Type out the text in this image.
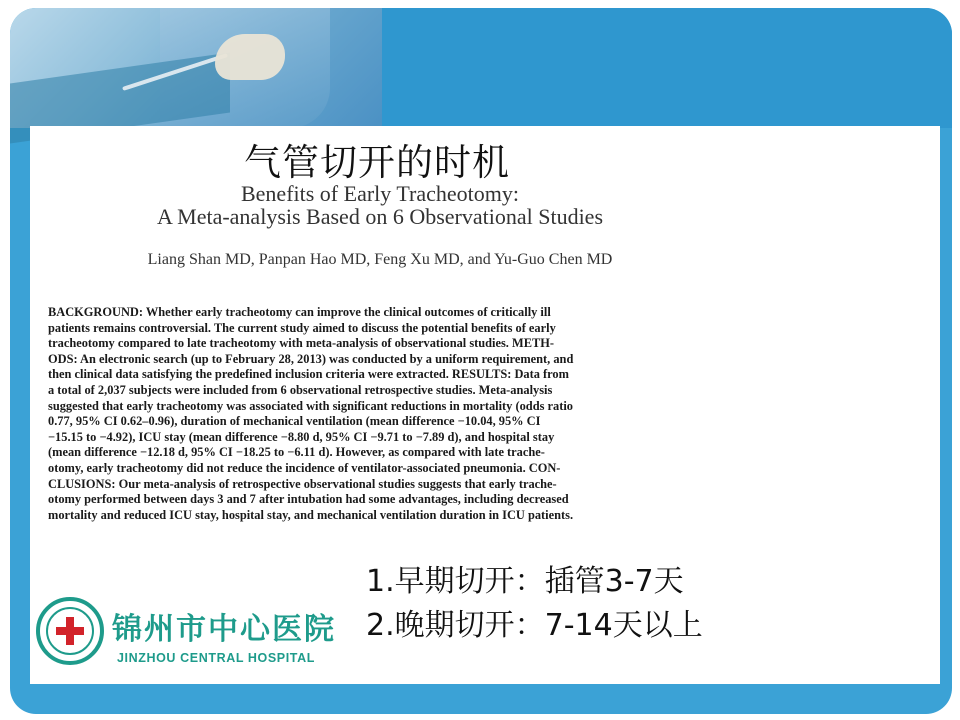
气管切开的时机
Benefits of Early Tracheotomy:
A Meta-analysis Based on 6 Observational Studies
Liang Shan MD, Panpan Hao MD, Feng Xu MD, and Yu-Guo Chen MD
BACKGROUND: Whether early tracheotomy can improve the clinical outcomes of critically ill
patients remains controversial. The current study aimed to discuss the potential benefits of early
tracheotomy compared to late tracheotomy with meta-analysis of observational studies. METH-
ODS: An electronic search (up to February 28, 2013) was conducted by a uniform requirement, and
then clinical data satisfying the predefined inclusion criteria were extracted. RESULTS: Data from
a total of 2,037 subjects were included from 6 observational retrospective studies. Meta-analysis
suggested that early tracheotomy was associated with significant reductions in mortality (odds ratio
0.77, 95% CI 0.62–0.96), duration of mechanical ventilation (mean difference −10.04, 95% CI
−15.15 to −4.92), ICU stay (mean difference −8.80 d, 95% CI −9.71 to −7.89 d), and hospital stay
(mean difference −12.18 d, 95% CI −18.25 to −6.11 d). However, as compared with late trache-
otomy, early tracheotomy did not reduce the incidence of ventilator-associated pneumonia. CON-
CLUSIONS: Our meta-analysis of retrospective observational studies suggests that early trache-
otomy performed between days 3 and 7 after intubation had some advantages, including decreased
mortality and reduced ICU stay, hospital stay, and mechanical ventilation duration in ICU patients.
1.早期切开：插管3-7天
2.晚期切开：7-14天以上
锦州市中心医院
JINZHOU CENTRAL HOSPITAL
